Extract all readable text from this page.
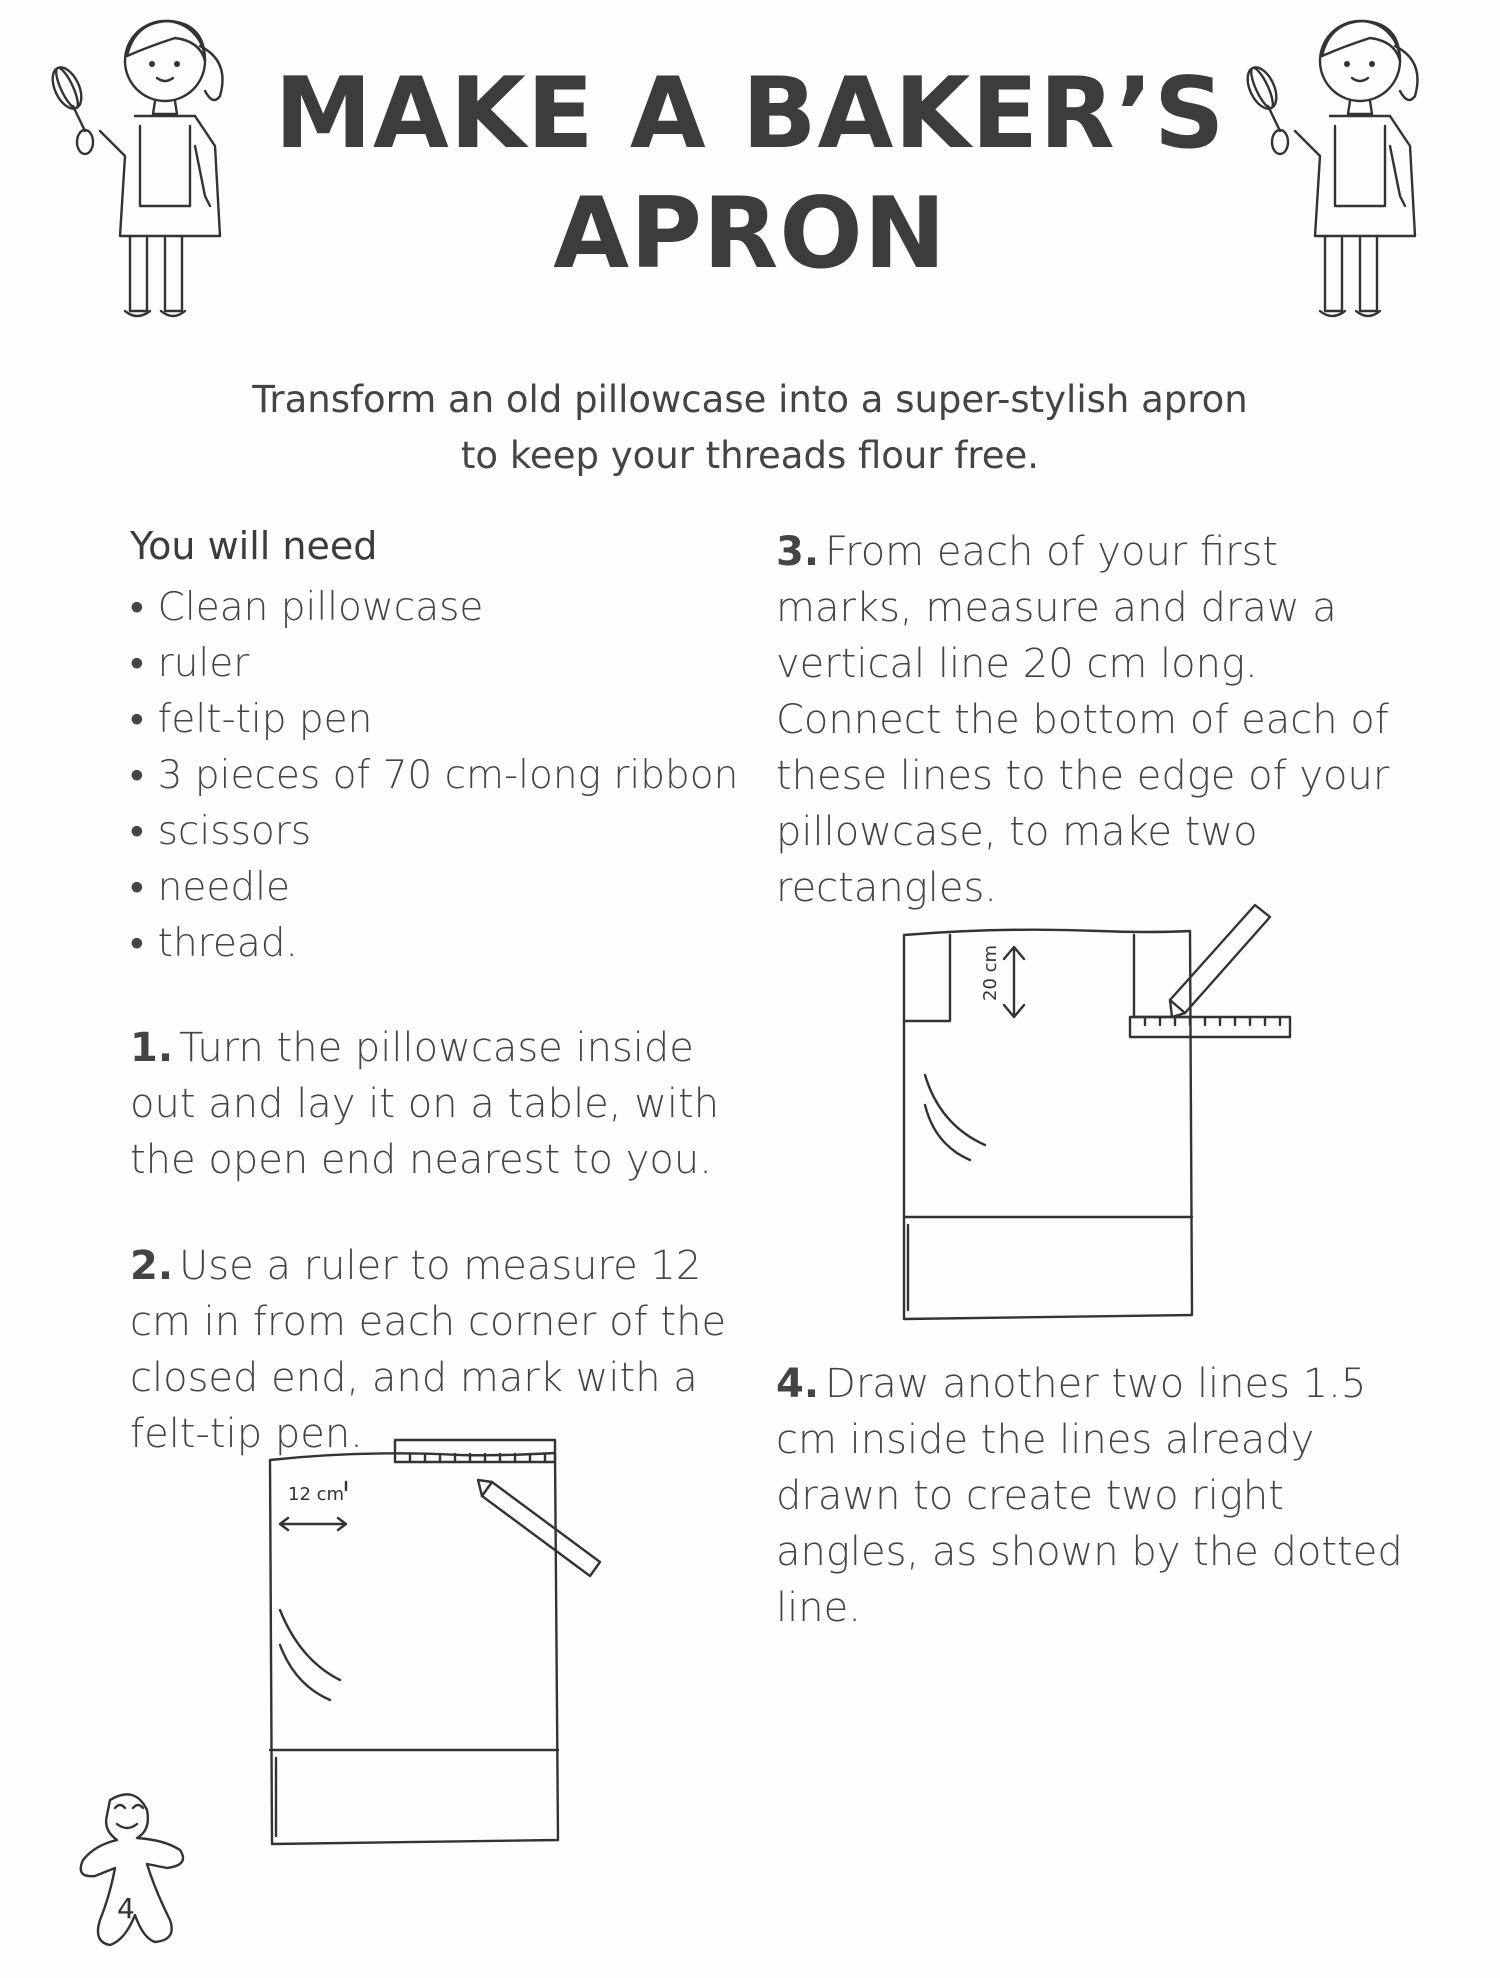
MAKE A BAKER’S
APRON
Transform an old pillowcase into a super-stylish apron
to keep your threads flour free.
You will need
• Clean pillowcase
• ruler
• felt-tip pen
• 3 pieces of 70 cm-long ribbon
• scissors
• needle
• thread.
1. Turn the pillowcase inside out and lay it on a table, with the open end nearest to you.
2. Use a ruler to measure 12 cm in from each corner of the closed end, and mark with a felt-tip pen.
3. From each of your first marks, measure and draw a vertical line 20 cm long. Connect the bottom of each of these lines to the edge of your pillowcase, to make two rectangles.
4. Draw another two lines 1.5 cm inside the lines already drawn to create two right angles, as shown by the dotted line.
20 cm
12 cm
4
